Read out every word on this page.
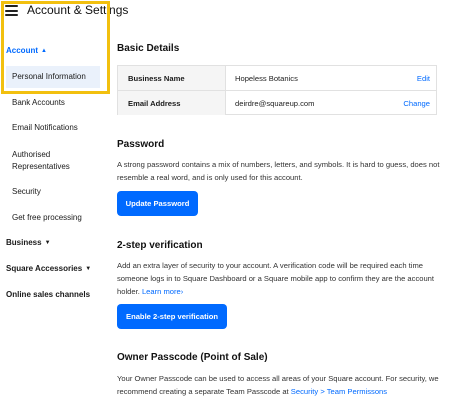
Account & Settings
Account ▲
Personal Information
Bank Accounts
Email Notifications
Authorised Representatives
Security
Get free processing
Business ▼
Square Accessories ▼
Online sales channels
Basic Details
Business Name	Hopeless Botanics	Edit
Email Address	deirdre@squareup.com	Change
Password
A strong password contains a mix of numbers, letters, and symbols. It is hard to guess, does not resemble a real word, and is only used for this account.
Update Password
2-step verification
Add an extra layer of security to your account. A verification code will be required each time someone logs in to Square Dashboard or a Square mobile app to confirm they are the account holder. Learn more›
Enable 2-step verification
Owner Passcode (Point of Sale)
Your Owner Passcode can be used to access all areas of your Square account. For security, we recommend creating a separate Team Passcode at Security > Team Permissons
